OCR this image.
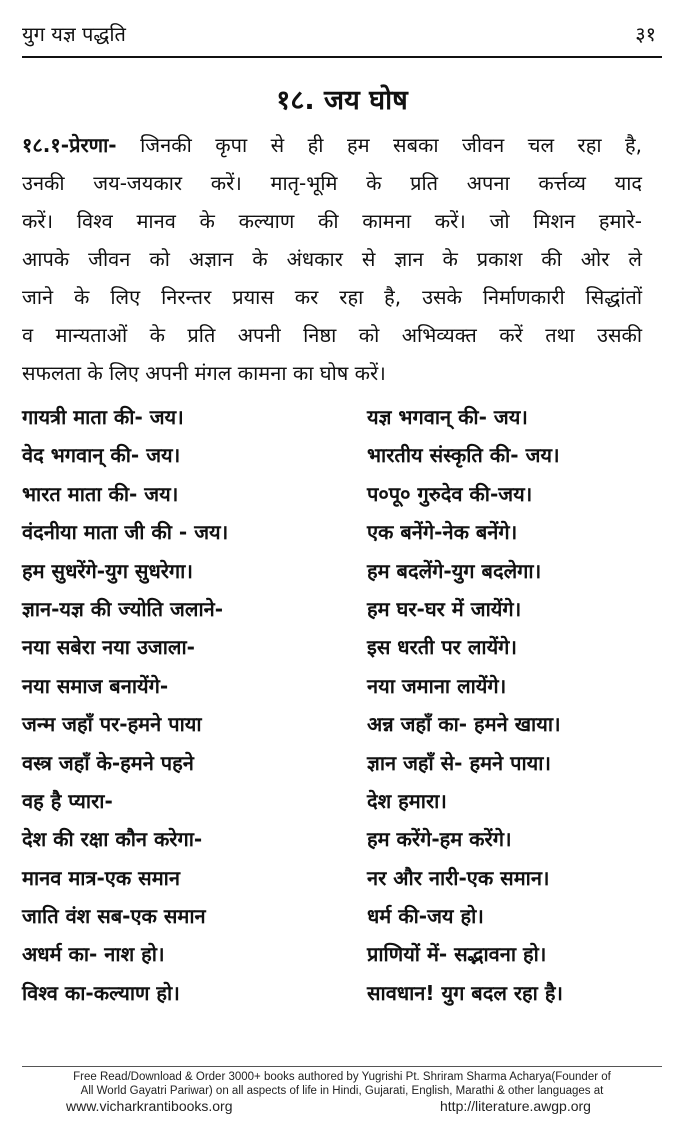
युग यज्ञ पद्धति	३१
१८. जय घोष
१८.१-प्रेरणा- जिनकी कृपा से ही हम सबका जीवन चल रहा है,
उनकी जय-जयकार करें। मातृ-भूमि के प्रति अपना कर्त्तव्य याद
करें। विश्व मानव के कल्याण की कामना करें। जो मिशन हमारे-
आपके जीवन को अज्ञान के अंधकार से ज्ञान के प्रकाश की ओर ले
जाने के लिए निरन्तर प्रयास कर रहा है, उसके निर्माणकारी सिद्धांतों
व मान्यताओं के प्रति अपनी निष्ठा को अभिव्यक्त करें तथा उसकी
सफलता के लिए अपनी मंगल कामना का घोष करें।
गायत्री माता की- जय।	यज्ञ भगवान् की- जय।
वेद भगवान् की- जय।	भारतीय संस्कृति की- जय।
भारत माता की- जय।	प०पू० गुरुदेव की-जय।
वंदनीया माता जी की - जय।	एक बनेंगे-नेक बनेंगे।
हम सुधरेंगे-युग सुधरेगा।	हम बदलेंगे-युग बदलेगा।
ज्ञान-यज्ञ की ज्योति जलाने-	हम घर-घर में जायेंगे।
नया सबेरा नया उजाला-	इस धरती पर लायेंगे।
नया समाज बनायेंगे-	नया जमाना लायेंगे।
जन्म जहाँ पर-हमने पाया	अन्न जहाँ का- हमने खाया।
वस्त्र जहाँ के-हमने पहने	ज्ञान जहाँ से- हमने पाया।
वह है प्यारा-	देश हमारा।
देश की रक्षा कौन करेगा-	हम करेंगे-हम करेंगे।
मानव मात्र-एक समान	नर और नारी-एक समान।
जाति वंश सब-एक समान	धर्म की-जय हो।
अधर्म का- नाश हो।	प्राणियों में- सद्भावना हो।
विश्व का-कल्याण हो।	सावधान! युग बदल रहा है।
Free Read/Download & Order 3000+ books authored by Yugrishi Pt. Shriram Sharma Acharya(Founder of
All World Gayatri Pariwar) on all aspects of life in Hindi, Gujarati, English, Marathi & other languages at
www.vicharkrantibooks.org	http://literature.awgp.org
